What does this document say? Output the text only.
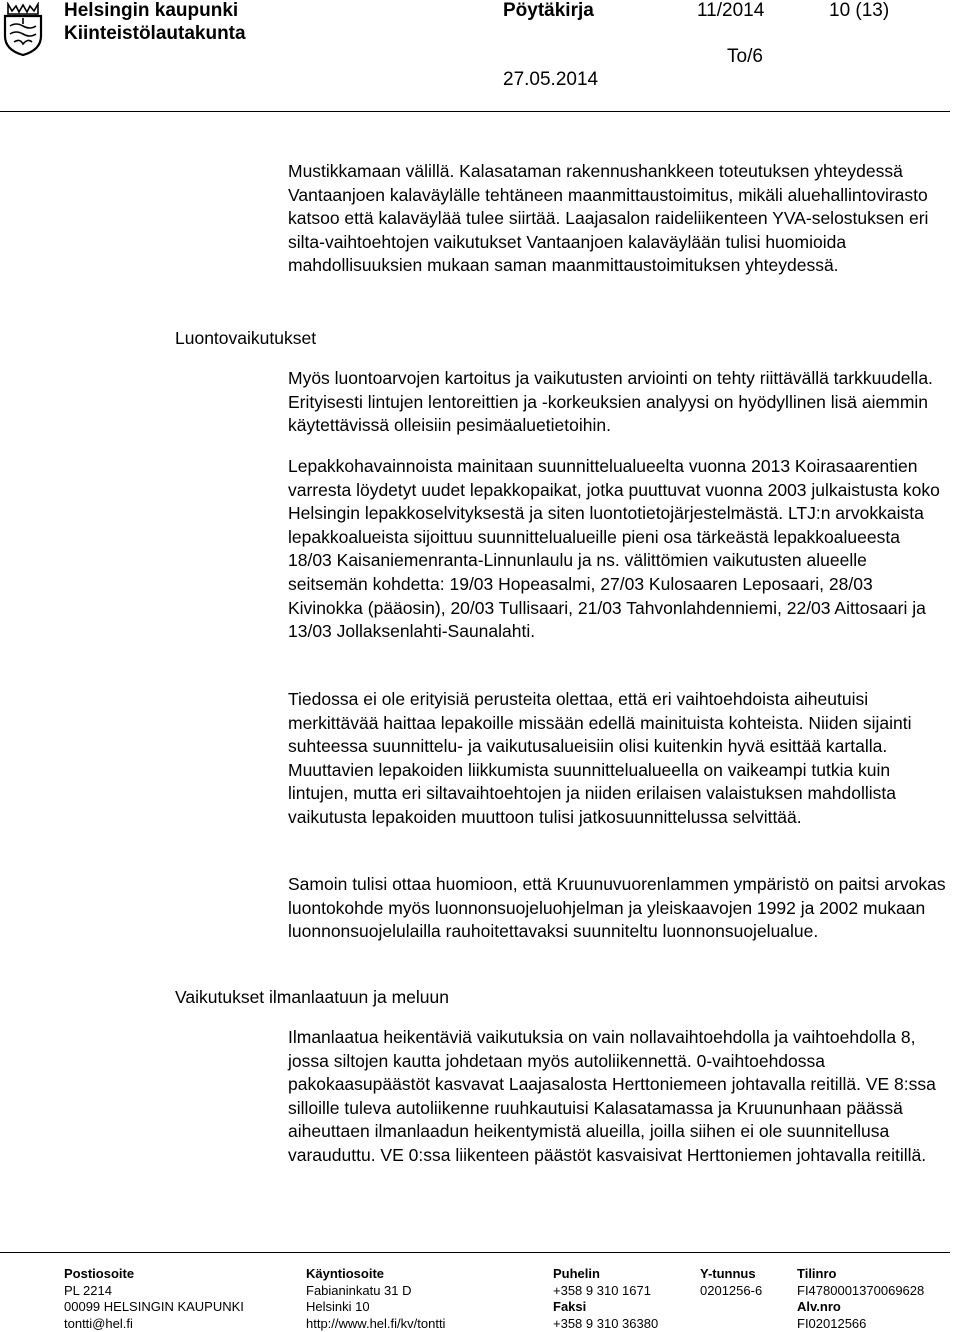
Helsingin kaupunki
Kiinteistölautakunta
Pöytäkirja	11/2014	10 (13)
To/6
27.05.2014

Mustikkamaan välillä. Kalasataman rakennushankkeen toteutuksen yhteydessä Vantaanjoen kalaväylälle tehtäneen maanmittaustoimitus, mikäli aluehallintovirasto katsoo että kalaväylää tulee siirtää. Laajasalon raideliikenteen YVA-selostuksen eri silta-vaihtoehtojen vaikutukset Vantaanjoen kalaväylään tulisi huomioida mahdollisuuksien mukaan saman maanmittaustoimituksen yhteydessä.

Luontovaikutukset

Myös luontoarvojen kartoitus ja vaikutusten arviointi on tehty riittävällä tarkkuudella. Erityisesti lintujen lentoreittien ja -korkeuksien analyysi on hyödyllinen lisä aiemmin käytettävissä olleisiin pesimäaluetietoihin.

Lepakkohavainnoista mainitaan suunnittelualueelta vuonna 2013 Koirasaarentien varresta löydetyt uudet lepakkopaikat, jotka puuttuvat vuonna 2003 julkaistusta koko Helsingin lepakkoselvityksestä ja siten luontotietojärjestelmästä. LTJ:n arvokkaista lepakkoalueista sijoittuu suunnittelualueille pieni osa tärkeästä lepakkoalueesta 18/03 Kaisaniemenranta-Linnunlaulu ja ns. välittömien vaikutusten alueelle seitsemän kohdetta: 19/03 Hopeasalmi, 27/03 Kulosaaren Leposaari, 28/03 Kivinokka (pääosin), 20/03 Tullisaari, 21/03 Tahvonlahdenniemi, 22/03 Aittosaari ja 13/03 Jollaksenlahti-Saunalahti.

Tiedossa ei ole erityisiä perusteita olettaa, että eri vaihtoehdoista aiheutuisi merkittävää haittaa lepakoille missään edellä mainituista kohteista. Niiden sijainti suhteessa suunnittelu- ja vaikutusalueisiin olisi kuitenkin hyvä esittää kartalla. Muuttavien lepakoiden liikkumista suunnittelualueella on vaikeampi tutkia kuin lintujen, mutta eri siltavaihtoehtojen ja niiden erilaisen valaistuksen mahdollista vaikutusta lepakoiden muuttoon tulisi jatkosuunnittelussa selvittää.

Samoin tulisi ottaa huomioon, että Kruunuvuorenlammen ympäristö on paitsi arvokas luontokohde myös luonnonsuojeluohjelman ja yleiskaavojen 1992 ja 2002 mukaan luonnonsuojelulailla rauhoitettavaksi suunniteltu luonnonsuojelualue.

Vaikutukset ilmanlaatuun ja meluun

Ilmanlaatua heikentäviä vaikutuksia on vain nollavaihtoehdolla ja vaihtoehdolla 8, jossa siltojen kautta johdetaan myös autoliikennettä. 0-vaihtoehdossa pakokaasupäästöt kasvavat Laajasalosta Herttoniemeen johtavalla reitillä. VE 8:ssa silloille tuleva autoliikenne ruuhkautuisi Kalasatamassa ja Kruununhaan päässä aiheuttaen ilmanlaadun heikentymistä alueilla, joilla siihen ei ole suunnitellusa varauduttu. VE 0:ssa liikenteen päästöt kasvaisivat Herttoniemen johtavalla reitillä.

Postiosoite
PL 2214
00099 HELSINGIN KAUPUNKI
tontti@hel.fi
Käyntiosoite
Fabianinkatu 31 D
Helsinki 10
http://www.hel.fi/kv/tontti
Puhelin
+358 9 310 1671
Faksi
+358 9 310 36380
Y-tunnus
0201256-6
Tilinro
FI4780001370069628
Alv.nro
FI02012566
